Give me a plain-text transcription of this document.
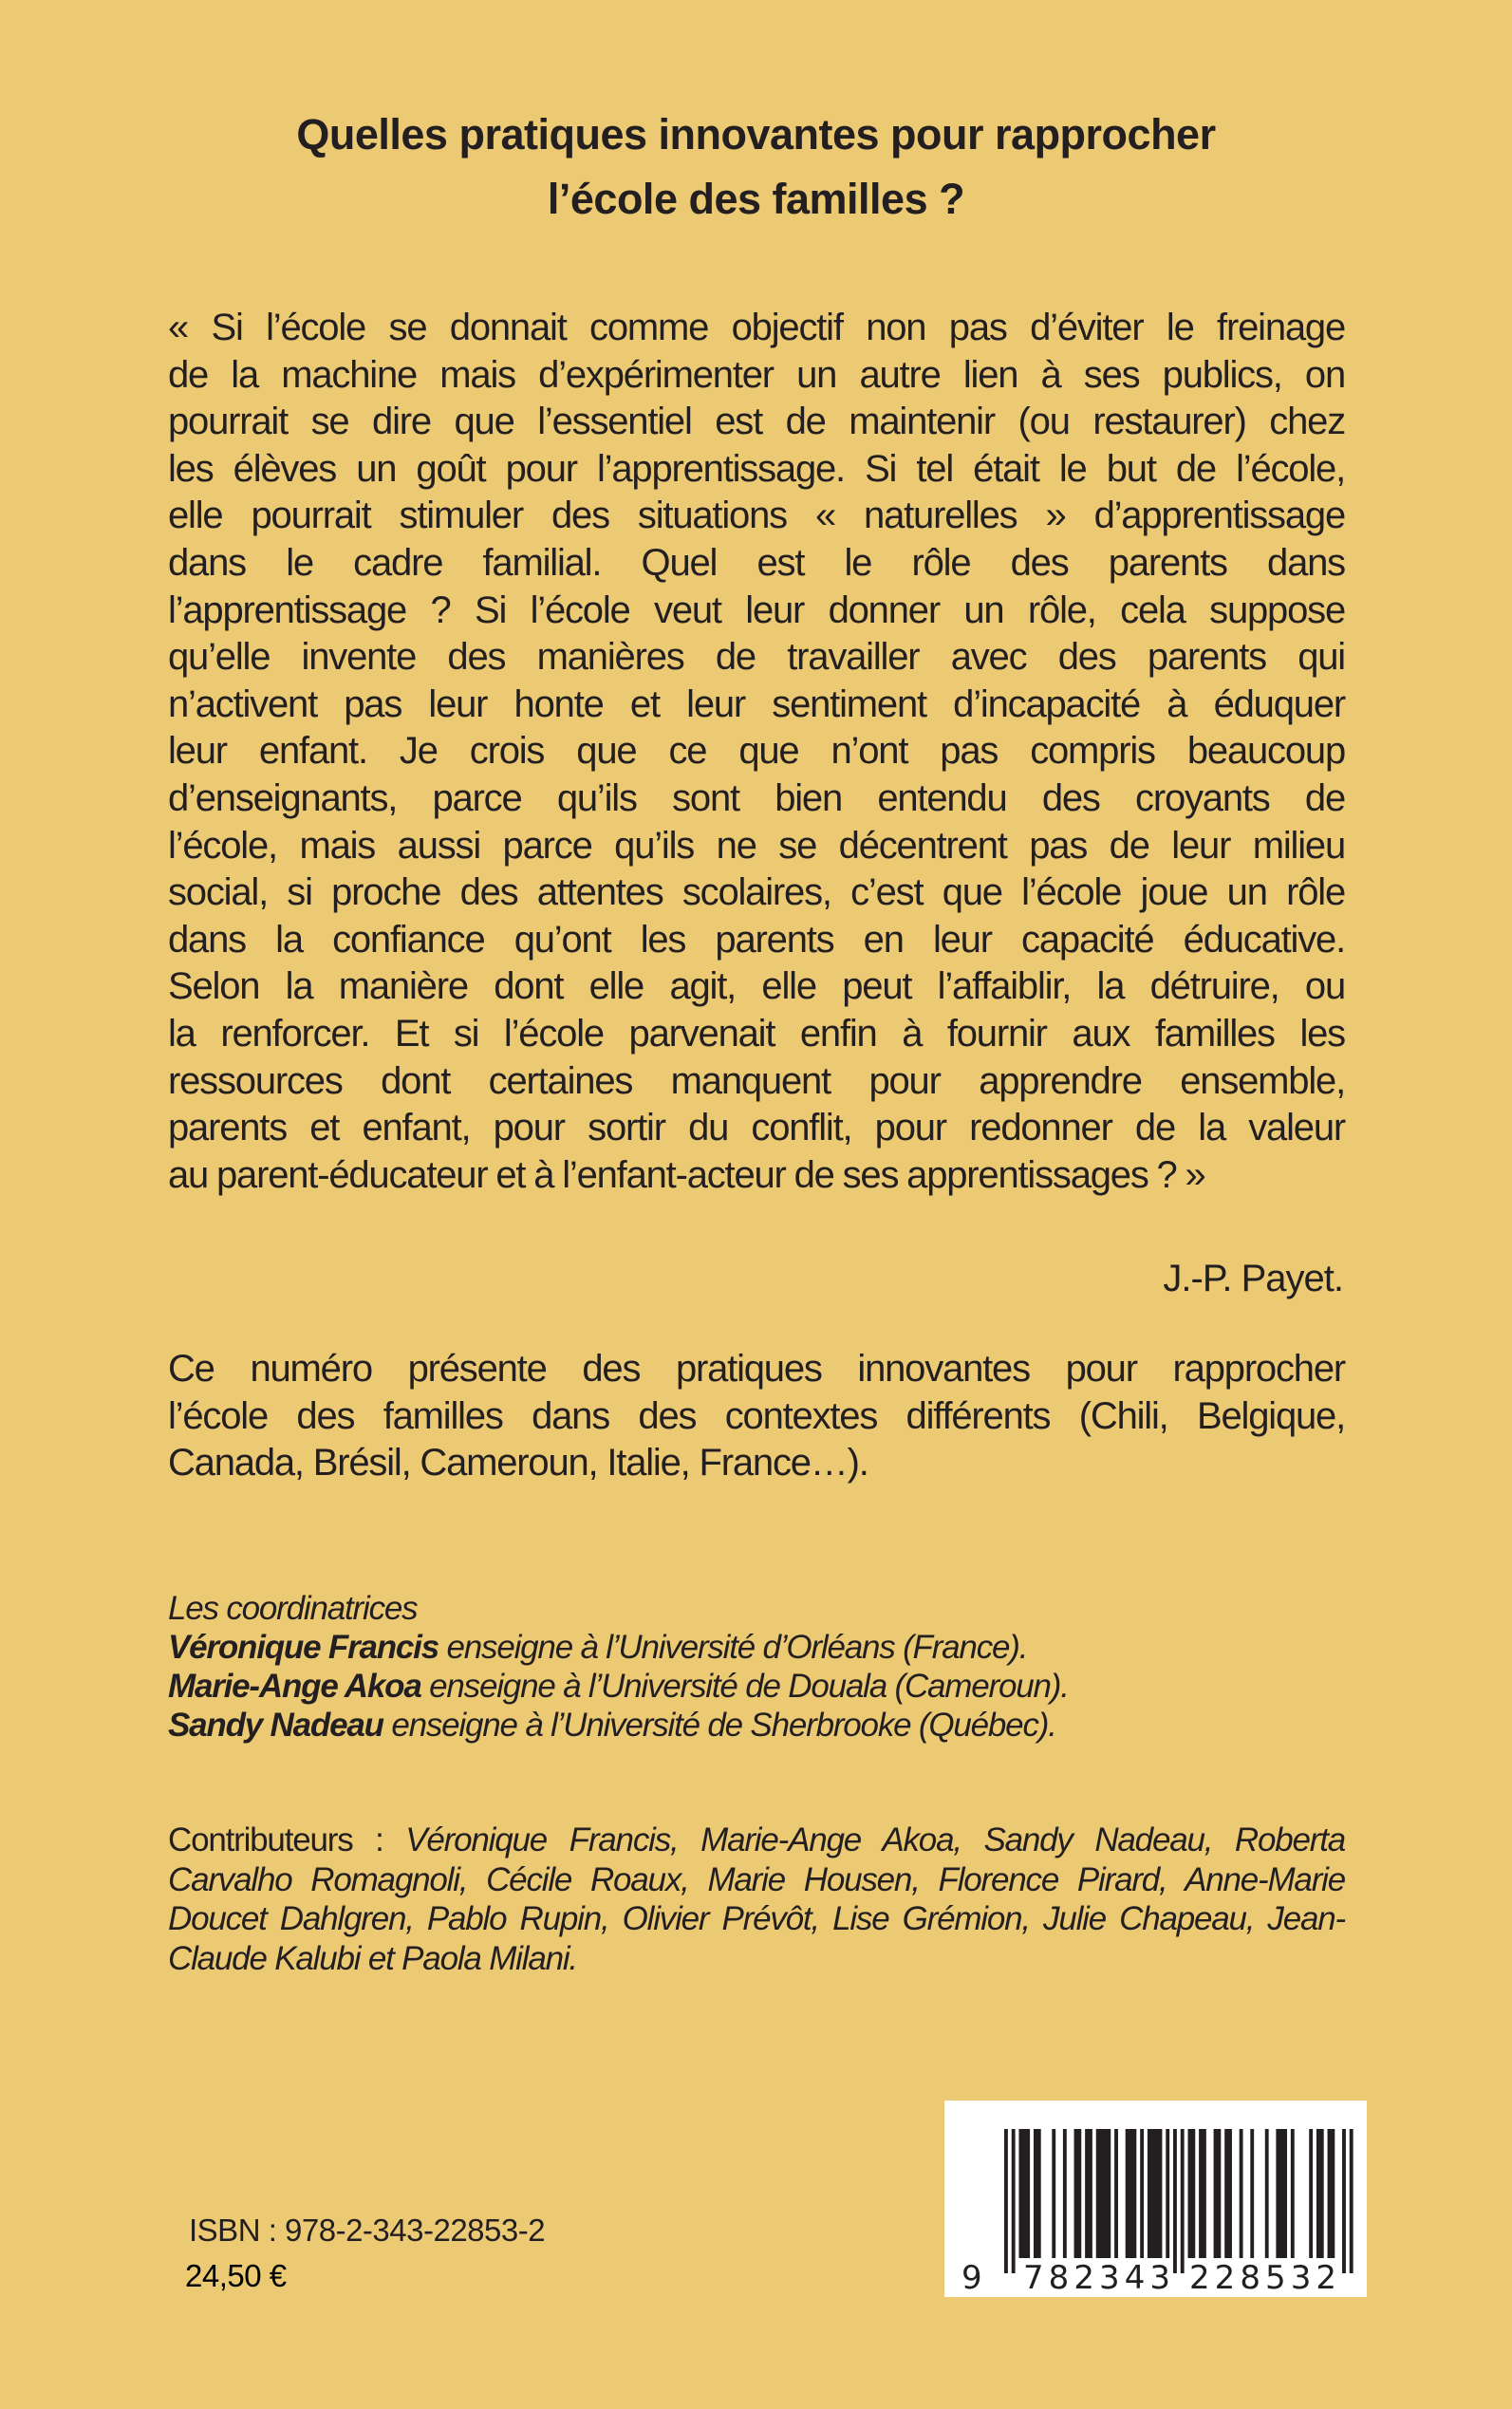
Quelles pratiques innovantes pour rapprocher
l’école des familles ?
« Si l’école se donnait comme objectif non pas d’éviter le freinage
de la machine mais d’expérimenter un autre lien à ses publics, on
pourrait se dire que l’essentiel est de maintenir (ou restaurer) chez
les élèves un goût pour l’apprentissage. Si tel était le but de l’école,
elle pourrait stimuler des situations « naturelles » d’apprentissage
dans le cadre familial. Quel est le rôle des parents dans
l’apprentissage ? Si l’école veut leur donner un rôle, cela suppose
qu’elle invente des manières de travailler avec des parents qui
n’activent pas leur honte et leur sentiment d’incapacité à éduquer
leur enfant. Je crois que ce que n’ont pas compris beaucoup
d’enseignants, parce qu’ils sont bien entendu des croyants de
l’école, mais aussi parce qu’ils ne se décentrent pas de leur milieu
social, si proche des attentes scolaires, c’est que l’école joue un rôle
dans la confiance qu’ont les parents en leur capacité éducative.
Selon la manière dont elle agit, elle peut l’affaiblir, la détruire, ou
la renforcer. Et si l’école parvenait enfin à fournir aux familles les
ressources dont certaines manquent pour apprendre ensemble,
parents et enfant, pour sortir du conflit, pour redonner de la valeur
au parent-éducateur et à l’enfant-acteur de ses apprentissages ? »

J.-P. Payet.

Ce numéro présente des pratiques innovantes pour rapprocher
l’école des familles dans des contextes différents (Chili, Belgique,
Canada, Brésil, Cameroun, Italie, France…).

Les coordinatrices
Véronique Francis enseigne à l’Université d’Orléans (France).
Marie-Ange Akoa enseigne à l’Université de Douala (Cameroun).
Sandy Nadeau enseigne à l’Université de Sherbrooke (Québec).

Contributeurs : Véronique Francis, Marie-Ange Akoa, Sandy Nadeau, Roberta
Carvalho Romagnoli, Cécile Roaux, Marie Housen, Florence Pirard, Anne-Marie
Doucet Dahlgren, Pablo Rupin, Olivier Prévôt, Lise Grémion, Julie Chapeau, Jean-
Claude Kalubi et Paola Milani.

ISBN : 978-2-343-22853-2

24,50 €	9 782343 228532
